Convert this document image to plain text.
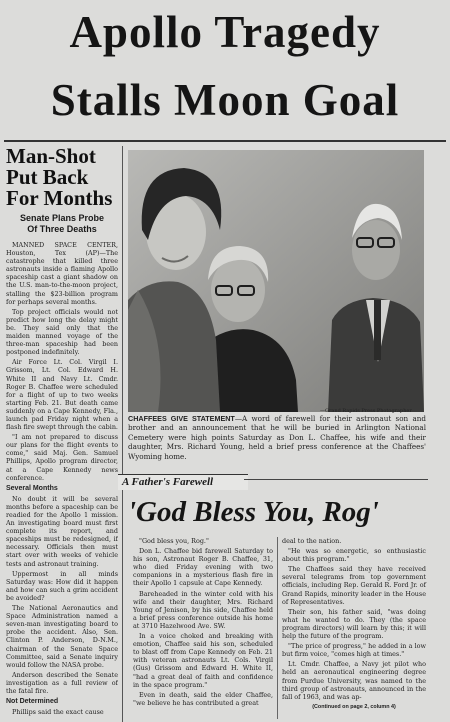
Apollo Tragedy
Stalls Moon Goal
Man-Shot
Put Back
For Months
Senate Plans Probe
Of Three Deaths

MANNED SPACE CENTER, Houston, Tex (AP)—The catastrophe that killed three astronauts inside a flaming Apollo spaceship cast a giant shadow on the U.S. man-to-the-moon project, stalling the $23-billion program for perhaps several months.

Top project officials would not predict how long the delay might be. They said only that the maiden manned voyage of the three-man spaceship had been postponed indefinitely.

Air Force Lt. Col. Virgil I. Grissom, Lt. Col. Edward H. White II and Navy Lt. Cmdr. Roger B. Chaffee were scheduled for a flight of up to two weeks starting Feb. 21. But death came suddenly on a Cape Kennedy, Fla., launch pad Friday night when a flash fire swept through the cabin.

"I am not prepared to discuss our plans for the flight events to come," said Maj. Gen. Samuel Phillips, Apollo program director, at a Cape Kennedy news conference.

Several Months

No doubt it will be several months before a spaceship can be readied for the Apollo 1 mission. An investigating board must first complete its report, and spaceships must be redesigned, if necessary. Officials then must start over with weeks of vehicle tests and astronaut training.

Uppermost in all minds Saturday was: How did it happen and how can such a grim accident be avoided?

The National Aeronautics and Space Administration named a seven-man investigating board to probe the accident. Also, Sen. Clinton P. Anderson, D-N.M., chairman of the Senate Space Committee, said a Senate inquiry would follow the NASA probe.

Anderson described the Senate investigation as a full review of the fatal fire.

Not Determined

Phillips said the exact cause

—Grand Rapids Press Photographer
CHAFFEES GIVE STATEMENT—A word of farewell for their astronaut son and brother and an announcement that he will be buried in Arlington National Cemetery were high points Saturday as Don L. Chaffee, his wife and their daughter, Mrs. Richard Young, held a brief press conference at the Chaffees' Wyoming home.
A Father's Farewell
'God Bless You, Rog'

"God bless you, Rog."

Don L. Chaffee bid farewell Saturday to his son, Astronaut Roger B. Chaffee, 31, who died Friday evening with two companions in a mysterious flash fire in their Apollo 1 capsule at Cape Kennedy.

Bareheaded in the winter cold with his wife and their daughter, Mrs. Richard Young of Jenison, by his side, Chaffee held a brief press conference outside his home at 3710 Hazelwood Ave. SW.

In a voice choked and breaking with emotion, Chaffee said his son, scheduled to blast off from Cape Kennedy on Feb. 21 with veteran astronauts Lt. Cols. Virgil (Gus) Grissom and Edward H. White II, "had a great deal of faith and confidence in the space program."

Even in death, said the elder Chaffee, "we believe he has contributed a great

deal to the nation.

"He was so energetic, so enthusiastic about this program."

The Chaffees said they have received several telegrams from top government officials, including Rep. Gerald R. Ford Jr. of Grand Rapids, minority leader in the House of Representatives.

Their son, his father said, "was doing what he wanted to do. They (the space program directors) will learn by this; it will help the future of the program.

"The price of progress," he added in a low but firm voice, "comes high at times."

Lt. Cmdr. Chaffee, a Navy jet pilot who held an aeronautical engineering degree from Purdue University, was named to the third group of astronauts, announced in the fall of 1963, and was ap-

(Continued on page 2, column 4)
